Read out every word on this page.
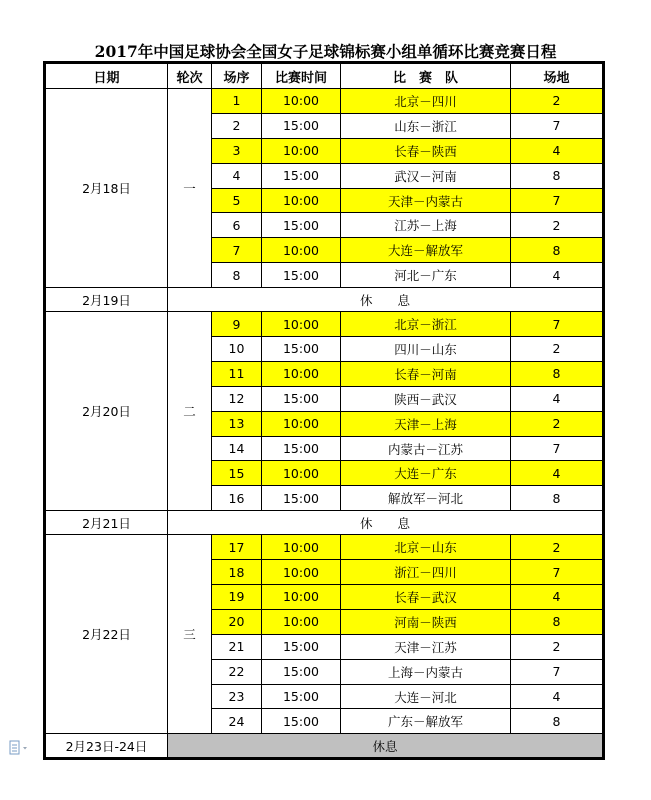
2017年中国足球协会全国女子足球锦标赛小组单循环比赛竞赛日程
日期	轮次	场序	比赛时间	比　赛　队	场地
2月18日	一	1	10:00	北京－四川	2
		2	15:00	山东－浙江	7
		3	10:00	长春－陕西	4
		4	15:00	武汉－河南	8
		5	10:00	天津－内蒙古	7
		6	15:00	江苏－上海	2
		7	10:00	大连－解放军	8
		8	15:00	河北－广东	4
2月19日	休　　息				
2月20日	二	9	10:00	北京－浙江	7
		10	15:00	四川－山东	2
		11	10:00	长春－河南	8
		12	15:00	陕西－武汉	4
		13	10:00	天津－上海	2
		14	15:00	内蒙古－江苏	7
		15	10:00	大连－广东	4
		16	15:00	解放军－河北	8
2月21日	休　　息				
2月22日	三	17	10:00	北京－山东	2
		18	10:00	浙江－四川	7
		19	10:00	长春－武汉	4
		20	10:00	河南－陕西	8
		21	15:00	天津－江苏	2
		22	15:00	上海－内蒙古	7
		23	15:00	大连－河北	4
		24	15:00	广东－解放军	8
2月23日-24日	休息				
